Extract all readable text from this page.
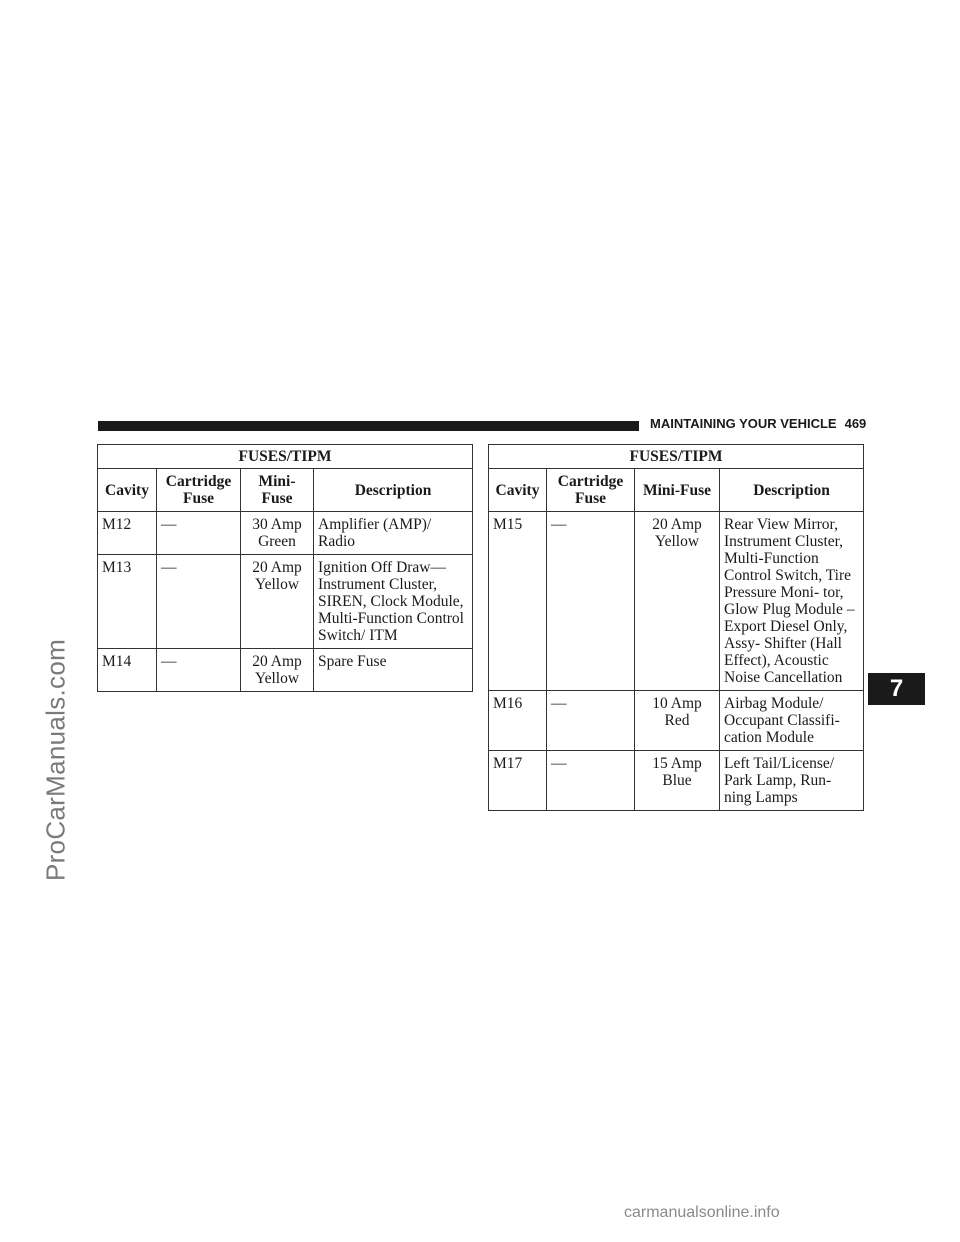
ProCarManuals.com
MAINTAINING YOUR VEHICLE 469
7
FUSES/TIPM			
Cavity	Cartridge Fuse	Mini-Fuse	Description
M12	—	30 Amp Green	Amplifier (AMP)/ Radio
M13	—	20 Amp Yellow	Ignition Off Draw— Instrument Cluster, SIREN, Clock Module, Multi-Function Control Switch/ ITM
M14	—	20 Amp Yellow	Spare Fuse
FUSES/TIPM			
Cavity	Cartridge Fuse	Mini-Fuse	Description
M15	—	20 Amp Yellow	Rear View Mirror, Instrument Cluster, Multi-Function Control Switch, Tire Pressure Moni- tor, Glow Plug Module – Export Diesel Only, Assy- Shifter (Hall Effect), Acoustic Noise Cancellation
M16	—	10 Amp Red	Airbag Module/ Occupant Classifi- cation Module
M17	—	15 Amp Blue	Left Tail/License/ Park Lamp, Run- ning Lamps
carmanualsonline.info
